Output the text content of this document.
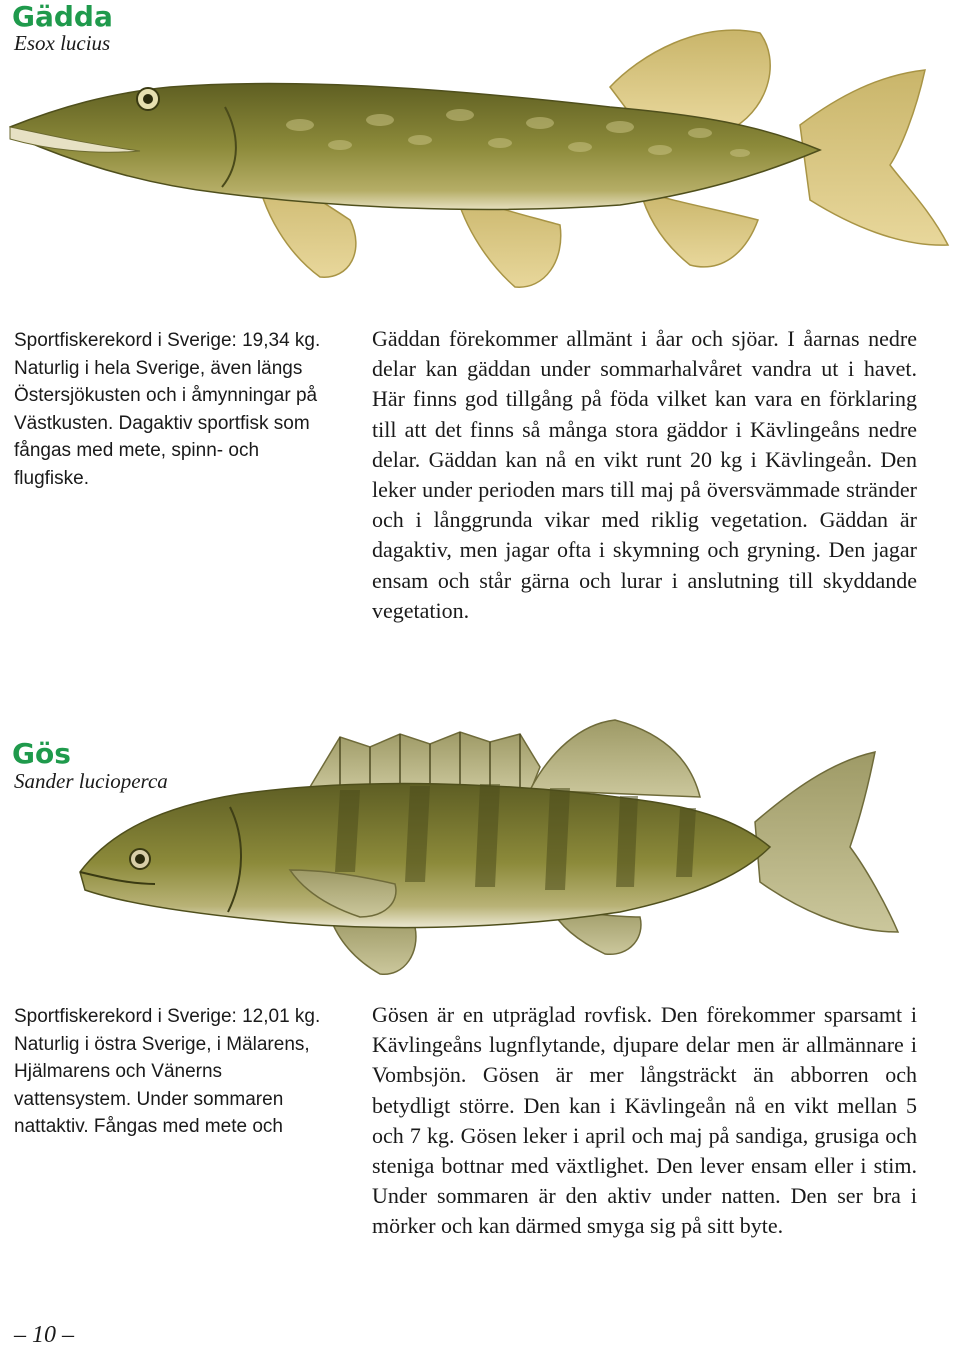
Gädda
Esox lucius
Sportfiskerekord i Sverige: 19,34 kg. Naturlig i hela Sverige, även längs Östersjökusten och i åmynningar på Västkusten. Dagaktiv sportfisk som fångas med mete, spinn- och flugfiske.
Gäddan förekommer allmänt i åar och sjöar. I åarnas nedre delar kan gäddan under sommarhalvåret vandra ut i havet. Här finns god tillgång på föda vilket kan vara en förklaring till att det finns så många stora gäddor i Kävlingeåns nedre delar. Gäddan kan nå en vikt runt 20 kg i Kävlingeån. Den leker under perioden mars till maj på översvämmade stränder och i långgrunda vikar med riklig vegetation. Gäddan är dagaktiv, men jagar ofta i skymning och gryning. Den jagar ensam och står gärna och lurar i anslutning till skyddande vegetation.
Gös
Sander lucioperca
Sportfiskerekord i Sverige: 12,01 kg. Naturlig i östra Sverige, i Mälarens, Hjälmarens och Vänerns vattensystem. Under sommaren nattaktiv. Fångas med mete och
Gösen är en utpräglad rovfisk. Den förekommer sparsamt i Kävlingeåns lugnflytande, djupare delar men är allmännare i Vombsjön. Gösen är mer långsträckt än abborren och betydligt större. Den kan i Kävlingeån nå en vikt mellan 5 och 7 kg. Gösen leker i april och maj på sandiga, grusiga och steniga bottnar med växtlighet. Den lever ensam eller i stim. Under sommaren är den aktiv under natten. Den ser bra i mörker och kan därmed smyga sig på sitt byte.
– 10 –
